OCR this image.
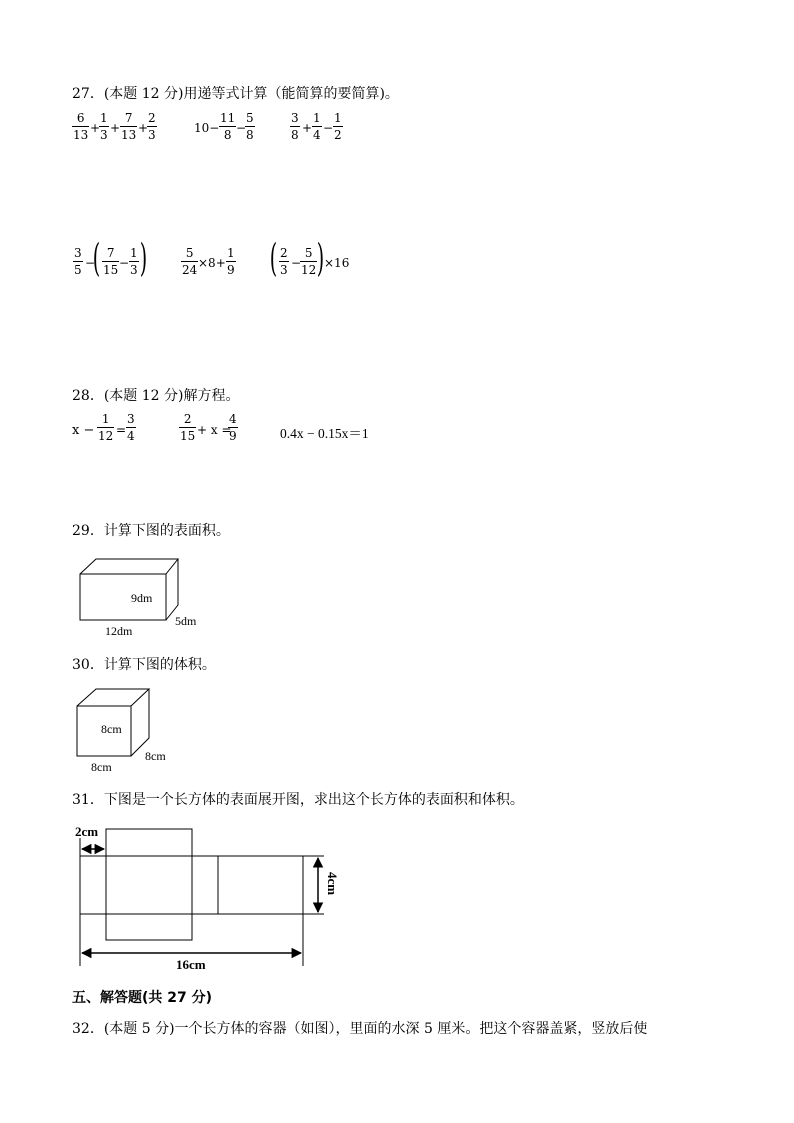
27．(本题 12 分)用递等式计算（能简算的要简算)。
$\frac{6}{13}$ +
$\frac{1}{3} + \frac{7}{13}$ +
$\frac{2}{3}$	$10- \frac{11}{8}$ −
$\frac{5}{8}$	$\frac{3}{8} + \frac{1}{4} - \frac{1}{2}$
$\frac{3}{5}$ −
( $\frac{7}{15} - \frac{1}{3}$ )	$\frac{5}{24} \times 8+ \frac{1}{9}$ ( $\frac{2}{3}$ −
$\frac{5}{12}$ ) ×16
28．(本题 12 分)解方程。
$x - \frac{1}{12} = \frac{3}{4}$	$\frac{2}{15} + x$ =
$\frac{4}{9}$	0.4x − 0.15x＝1
29．计算下图的表面积。
9dm
12dm
5dm
30．计算下图的体积。
8cm
8cm
8cm
31．下图是一个长方体的表面展开图，求出这个长方体的表面积和体积。
2cm
4cm
16cm
五、解答题(共 27 分)
32．(本题 5 分)一个长方体的容器（如图），里面的水深 5 厘米。把这个容器盖紧，竖放后使
